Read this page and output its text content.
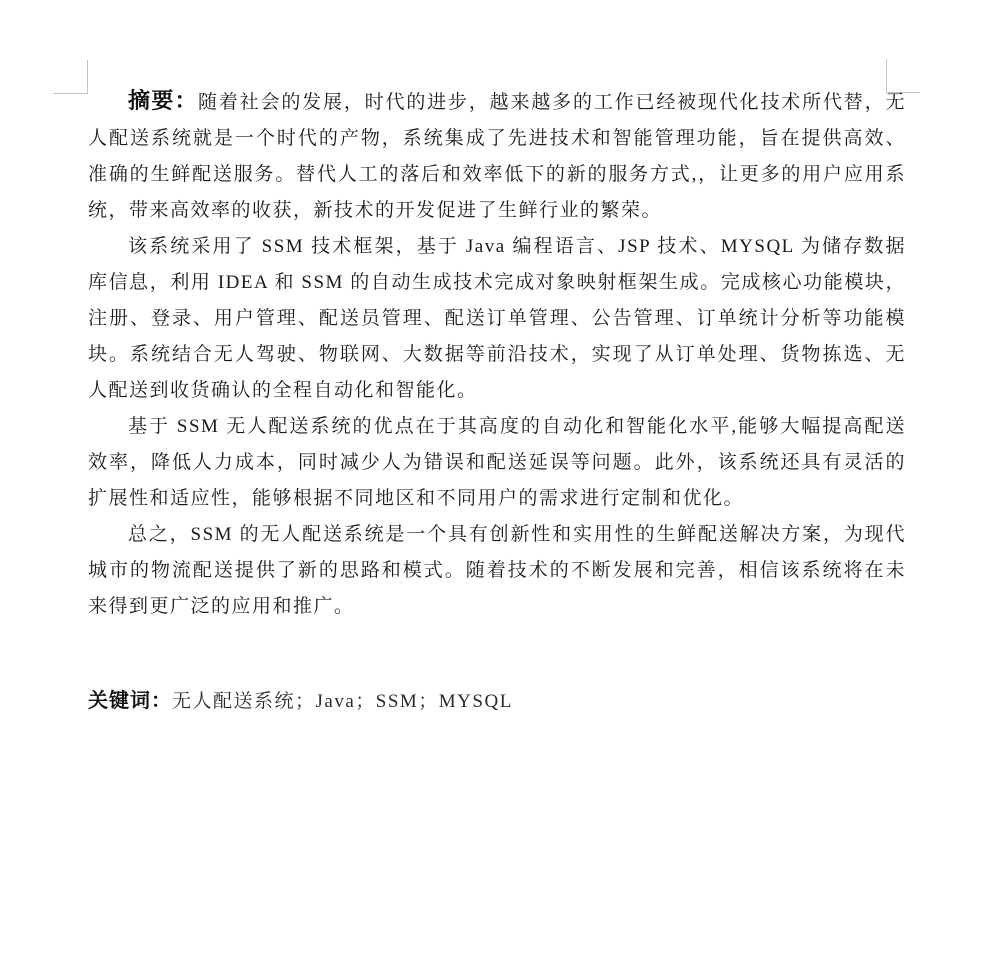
摘要：随着社会的发展，时代的进步，越来越多的工作已经被现代化技术所代替，无人配送系统就是一个时代的产物，系统集成了先进技术和智能管理功能，旨在提供高效、准确的生鲜配送服务。替代人工的落后和效率低下的新的服务方式,，让更多的用户应用系统，带来高效率的收获，新技术的开发促进了生鲜行业的繁荣。

该系统采用了 SSM 技术框架，基于 Java 编程语言、JSP 技术、MYSQL 为储存数据库信息，利用 IDEA 和 SSM 的自动生成技术完成对象映射框架生成。完成核心功能模块，注册、登录、用户管理、配送员管理、配送订单管理、公告管理、订单统计分析等功能模块。系统结合无人驾驶、物联网、大数据等前沿技术，实现了从订单处理、货物拣选、无人配送到收货确认的全程自动化和智能化。

基于 SSM 无人配送系统的优点在于其高度的自动化和智能化水平,能够大幅提高配送效率，降低人力成本，同时减少人为错误和配送延误等问题。此外，该系统还具有灵活的扩展性和适应性，能够根据不同地区和不同用户的需求进行定制和优化。

总之，SSM 的无人配送系统是一个具有创新性和实用性的生鲜配送解决方案，为现代城市的物流配送提供了新的思路和模式。随着技术的不断发展和完善，相信该系统将在未来得到更广泛的应用和推广。

关键词：无人配送系统；Java；SSM；MYSQL
